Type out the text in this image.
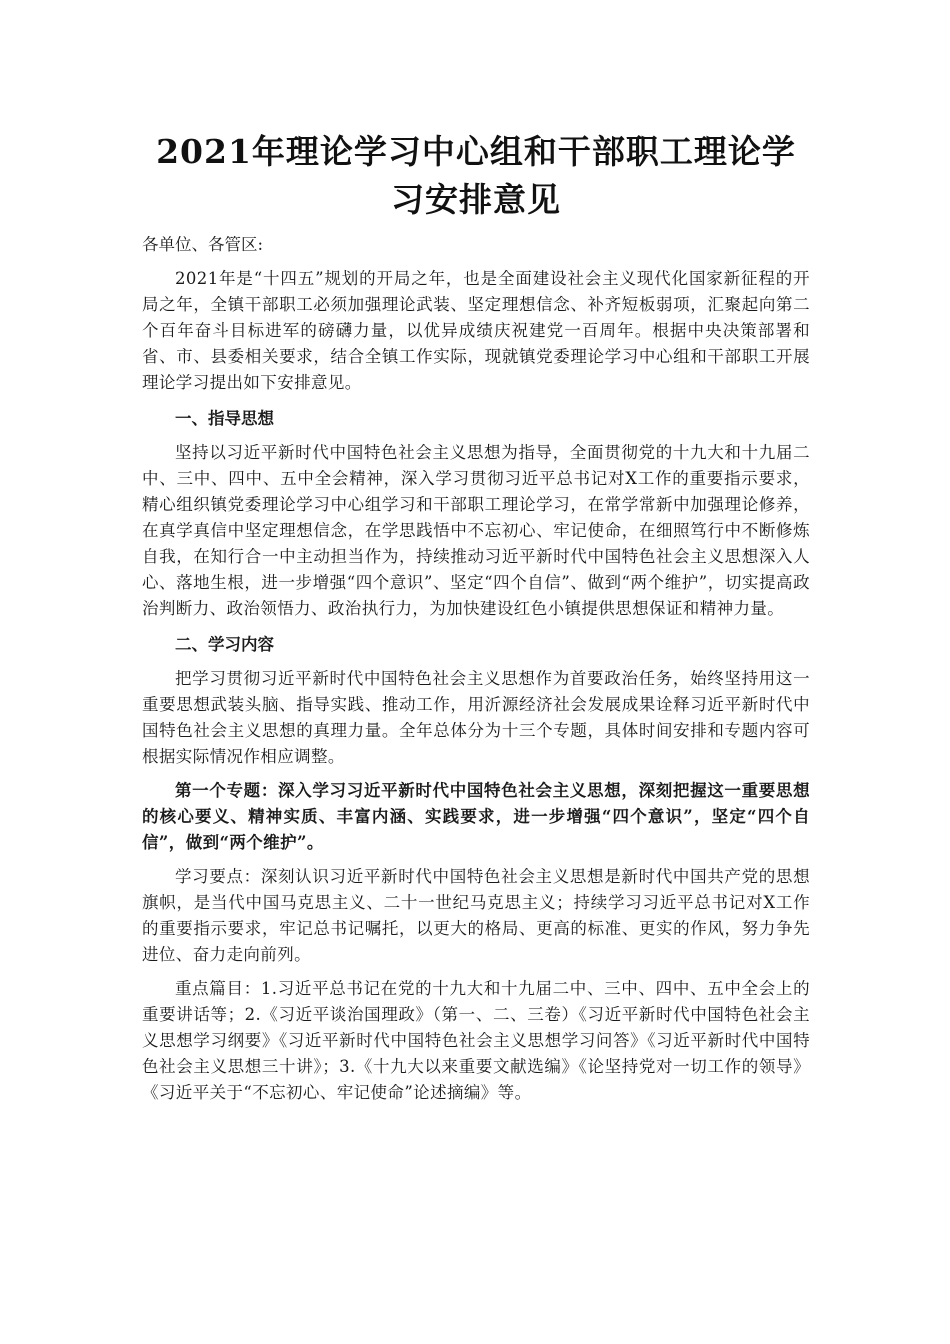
2021年理论学习中心组和干部职工理论学习安排意见

各单位、各管区:

2021年是“十四五”规划的开局之年，也是全面建设社会主义现代化国家新征程的开局之年，全镇干部职工必须加强理论武装、坚定理想信念、补齐短板弱项，汇聚起向第二个百年奋斗目标进军的磅礴力量，以优异成绩庆祝建党一百周年。根据中央决策部署和省、市、县委相关要求，结合全镇工作实际，现就镇党委理论学习中心组和干部职工开展理论学习提出如下安排意见。

一、指导思想

坚持以习近平新时代中国特色社会主义思想为指导，全面贯彻党的十九大和十九届二中、三中、四中、五中全会精神，深入学习贯彻习近平总书记对X工作的重要指示要求，精心组织镇党委理论学习中心组学习和干部职工理论学习，在常学常新中加强理论修养，在真学真信中坚定理想信念，在学思践悟中不忘初心、牢记使命，在细照笃行中不断修炼自我，在知行合一中主动担当作为，持续推动习近平新时代中国特色社会主义思想深入人心、落地生根，进一步增强“四个意识”、坚定“四个自信”、做到“两个维护”，切实提高政治判断力、政治领悟力、政治执行力，为加快建设红色小镇提供思想保证和精神力量。

二、学习内容

把学习贯彻习近平新时代中国特色社会主义思想作为首要政治任务，始终坚持用这一重要思想武装头脑、指导实践、推动工作，用沂源经济社会发展成果诠释习近平新时代中国特色社会主义思想的真理力量。全年总体分为十三个专题，具体时间安排和专题内容可根据实际情况作相应调整。

第一个专题：深入学习习近平新时代中国特色社会主义思想，深刻把握这一重要思想的核心要义、精神实质、丰富内涵、实践要求，进一步增强“四个意识”，坚定“四个自信”，做到“两个维护”。

学习要点：深刻认识习近平新时代中国特色社会主义思想是新时代中国共产党的思想旗帜，是当代中国马克思主义、二十一世纪马克思主义；持续学习习近平总书记对X工作的重要指示要求，牢记总书记嘱托，以更大的格局、更高的标准、更实的作风，努力争先进位、奋力走向前列。

重点篇目：1.习近平总书记在党的十九大和十九届二中、三中、四中、五中全会上的重要讲话等；2.《习近平谈治国理政》（第一、二、三卷）《习近平新时代中国特色社会主义思想学习纲要》《习近平新时代中国特色社会主义思想学习问答》《习近平新时代中国特色社会主义思想三十讲》；3.《十九大以来重要文献选编》《论坚持党对一切工作的领导》《习近平关于“不忘初心、牢记使命”论述摘编》等。
